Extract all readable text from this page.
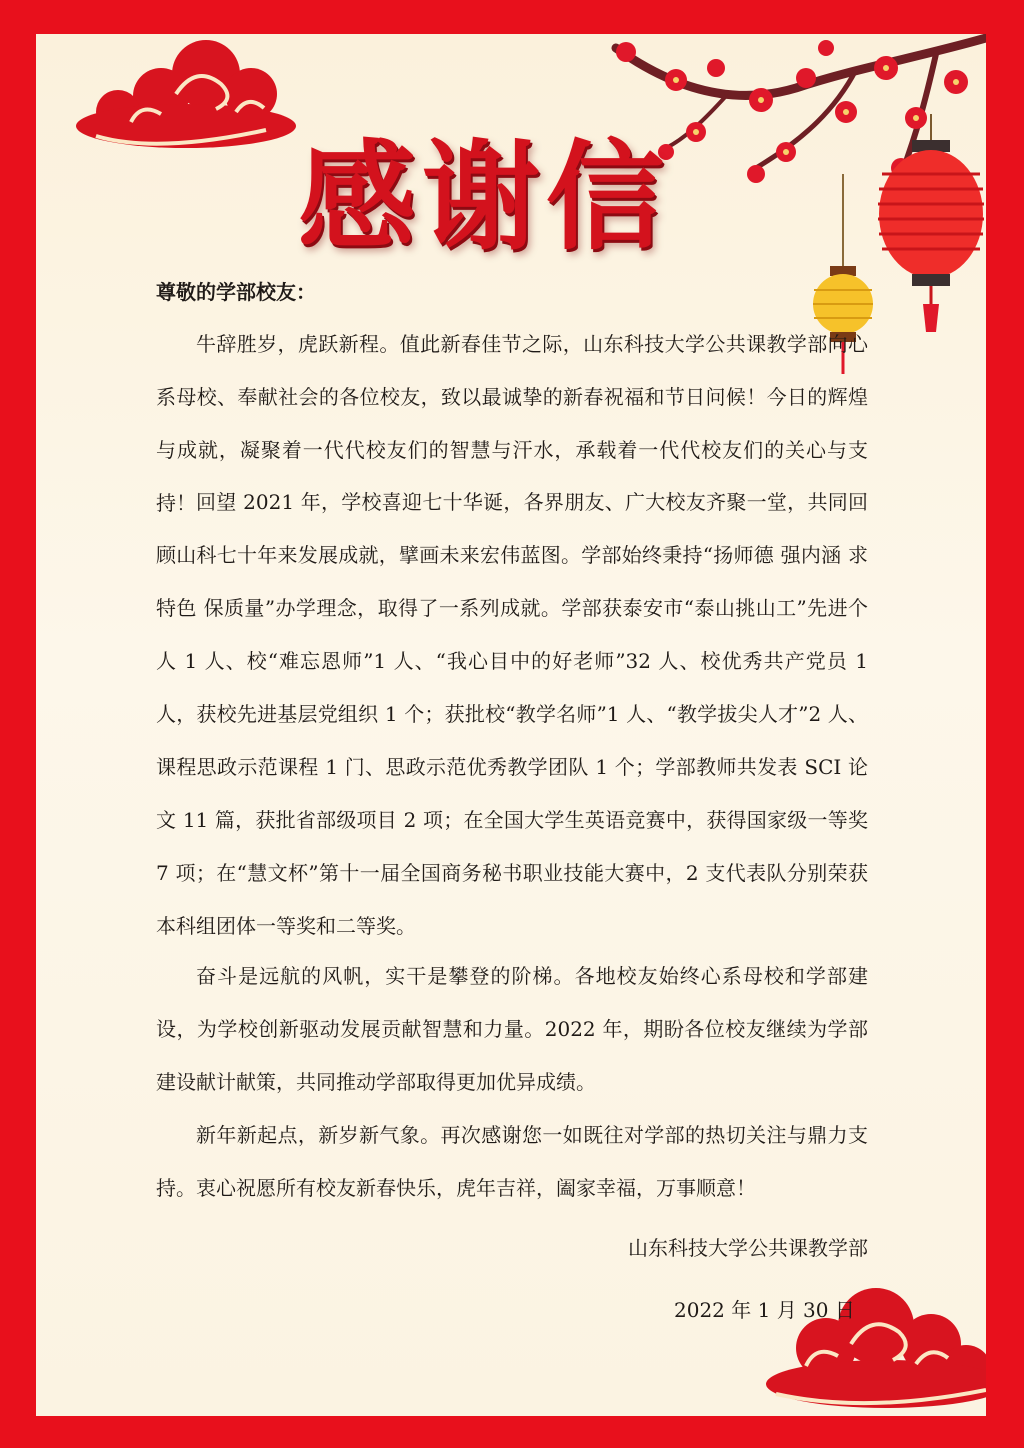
感谢信
尊敬的学部校友：

牛辞胜岁，虎跃新程。值此新春佳节之际，山东科技大学公共课教学部向心系母校、奉献社会的各位校友，致以最诚挚的新春祝福和节日问候！今日的辉煌与成就，凝聚着一代代校友们的智慧与汗水，承载着一代代校友们的关心与支持！ 回望 2021 年，学校喜迎七十华诞，各界朋友、广大校友齐聚一堂，共同回顾山科七十年来发展成就，擘画未来宏伟蓝图。学部始终秉持“扬师德 强内涵 求特色 保质量”办学理念，取得了一系列成就。学部获泰安市“泰山挑山工”先进个人 1 人、校“难忘恩师”1 人、“我心目中的好老师”32 人、校优秀共产党员 1 人，获校先进基层党组织 1 个；获批校“教学名师”1 人、“教学拔尖人才”2 人、课程思政示范课程 1 门、思政示范优秀教学团队 1 个；学部教师共发表 SCI 论文 11 篇，获批省部级项目 2 项；在全国大学生英语竞赛中，获得国家级一等奖 7 项；在“慧文杯”第十一届全国商务秘书职业技能大赛中，2 支代表队分别荣获本科组团体一等奖和二等奖。

奋斗是远航的风帆，实干是攀登的阶梯。各地校友始终心系母校和学部建设，为学校创新驱动发展贡献智慧和力量。2022 年，期盼各位校友继续为学部建设献计献策，共同推动学部取得更加优异成绩。

新年新起点，新岁新气象。再次感谢您一如既往对学部的热切关注与鼎力支持。衷心祝愿所有校友新春快乐，虎年吉祥，阖家幸福，万事顺意！

山东科技大学公共课教学部
2022 年 1 月 30 日
